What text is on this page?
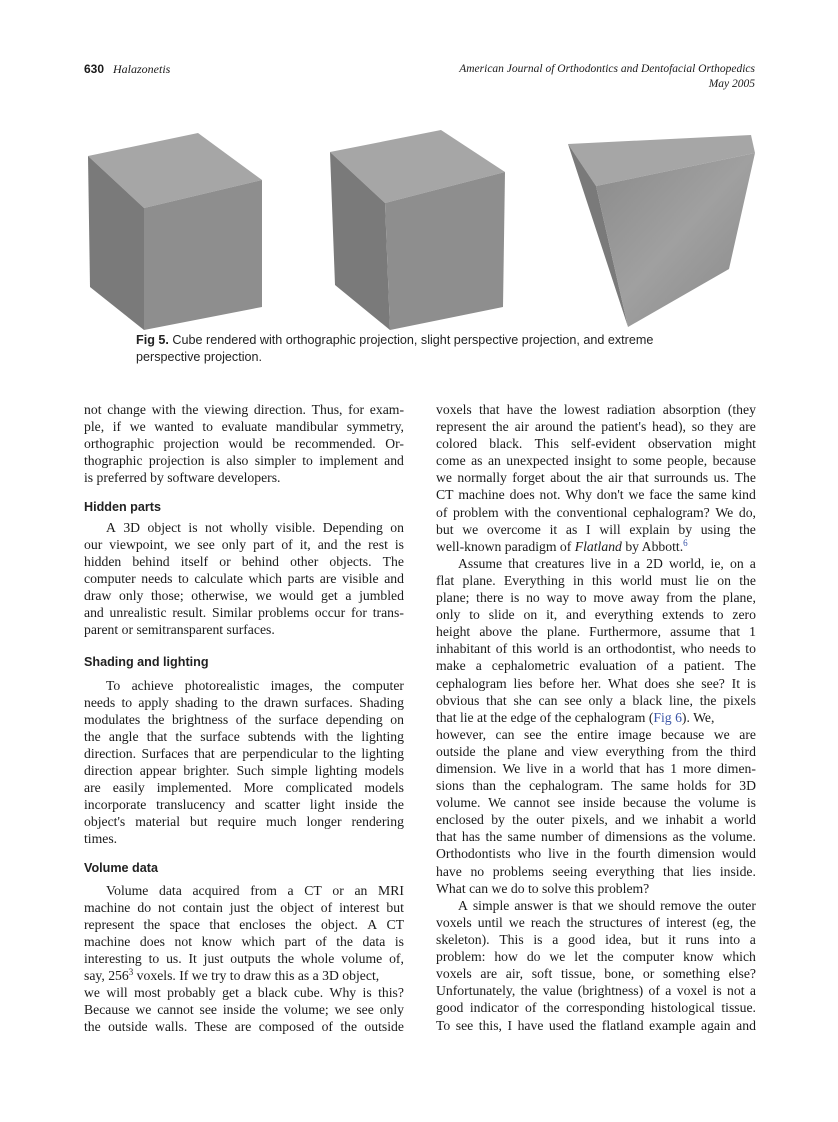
630 Halazonetis	American Journal of Orthodontics and Dentofacial Orthopedics
May 2005
Fig 5. Cube rendered with orthographic projection, slight perspective projection, and extreme
perspective projection.
not change with the viewing direction. Thus, for exam-
ple, if we wanted to evaluate mandibular symmetry,
orthographic projection would be recommended. Or-
thographic projection is also simpler to implement and
is preferred by software developers.
Hidden parts
A 3D object is not wholly visible. Depending on
our viewpoint, we see only part of it, and the rest is
hidden behind itself or behind other objects. The
computer needs to calculate which parts are visible and
draw only those; otherwise, we would get a jumbled
and unrealistic result. Similar problems occur for trans-
parent or semitransparent surfaces.
Shading and lighting
To achieve photorealistic images, the computer
needs to apply shading to the drawn surfaces. Shading
modulates the brightness of the surface depending on
the angle that the surface subtends with the lighting
direction. Surfaces that are perpendicular to the lighting
direction appear brighter. Such simple lighting models
are easily implemented. More complicated models
incorporate translucency and scatter light inside the
object's material but require much longer rendering
times.
Volume data
Volume data acquired from a CT or an MRI
machine do not contain just the object of interest but
represent the space that encloses the object. A CT
machine does not know which part of the data is
interesting to us. It just outputs the whole volume of,
say, $256^3$ voxels. If we try to draw this as a 3D object,
we will most probably get a black cube. Why is this?
Because we cannot see inside the volume; we see only
the outside walls. These are composed of the outside
voxels that have the lowest radiation absorption (they
represent the air around the patient's head), so they are
colored black. This self-evident observation might
come as an unexpected insight to some people, because
we normally forget about the air that surrounds us. The
CT machine does not. Why don't we face the same kind
of problem with the conventional cephalogram? We do,
but we overcome it as I will explain by using the
well-known paradigm of Flatland by Abbott.$^6$
Assume that creatures live in a 2D world, ie, on a
flat plane. Everything in this world must lie on the
plane; there is no way to move away from the plane,
only to slide on it, and everything extends to zero
height above the plane. Furthermore, assume that 1
inhabitant of this world is an orthodontist, who needs to
make a cephalometric evaluation of a patient. The
cephalogram lies before her. What does she see? It is
obvious that she can see only a black line, the pixels
that lie at the edge of the cephalogram (Fig 6). We,
however, can see the entire image because we are
outside the plane and view everything from the third
dimension. We live in a world that has 1 more dimen-
sions than the cephalogram. The same holds for 3D
volume. We cannot see inside because the volume is
enclosed by the outer pixels, and we inhabit a world
that has the same number of dimensions as the volume.
Orthodontists who live in the fourth dimension would
have no problems seeing everything that lies inside.
What can we do to solve this problem?
A simple answer is that we should remove the outer
voxels until we reach the structures of interest (eg, the
skeleton). This is a good idea, but it runs into a
problem: how do we let the computer know which
voxels are air, soft tissue, bone, or something else?
Unfortunately, the value (brightness) of a voxel is not a
good indicator of the corresponding histological tissue.
To see this, I have used the flatland example again and
